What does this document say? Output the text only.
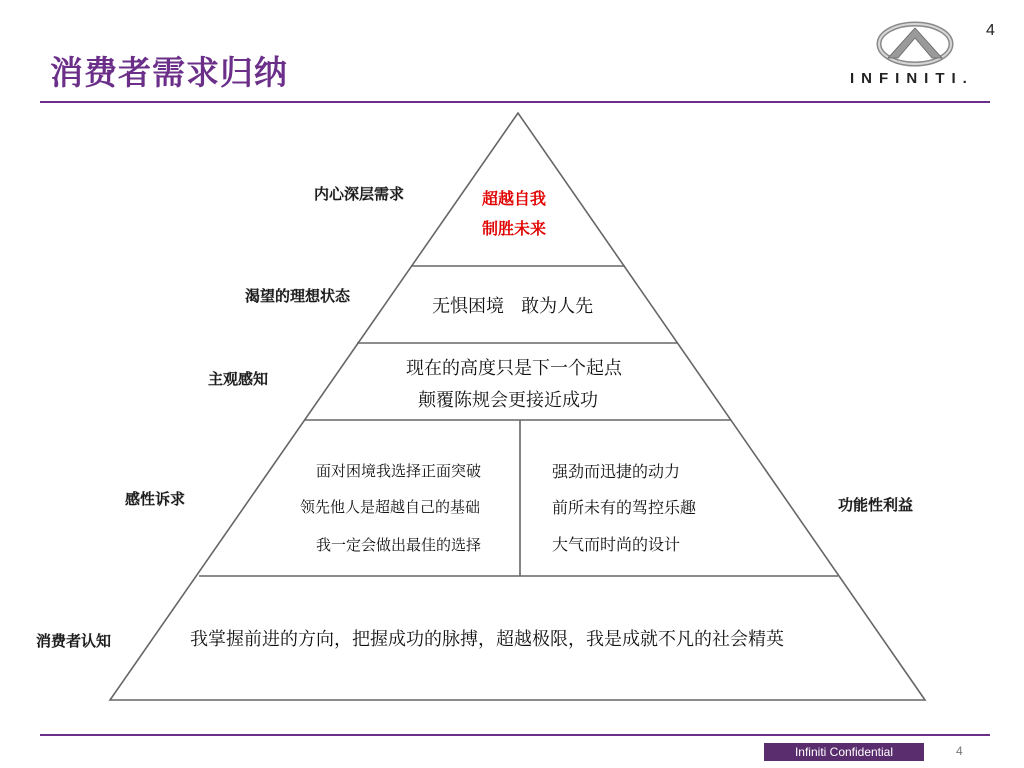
4
消费者需求归纳	INFINITI.
内心深层需求	超越自我
制胜未来
渴望的理想状态	无惧困境   敢为人先
主观感知	现在的高度只是下一个起点
颠覆陈规会更接近成功
感性诉求	功能性利益
面对困境我选择正面突破
领先他人是超越自己的基础
我一定会做出最佳的选择
强劲而迅捷的动力
前所未有的驾控乐趣
大气而时尚的设计
消费者认知	我掌握前进的方向，把握成功的脉搏，超越极限，我是成就不凡的社会精英
Infiniti Confidential	4
